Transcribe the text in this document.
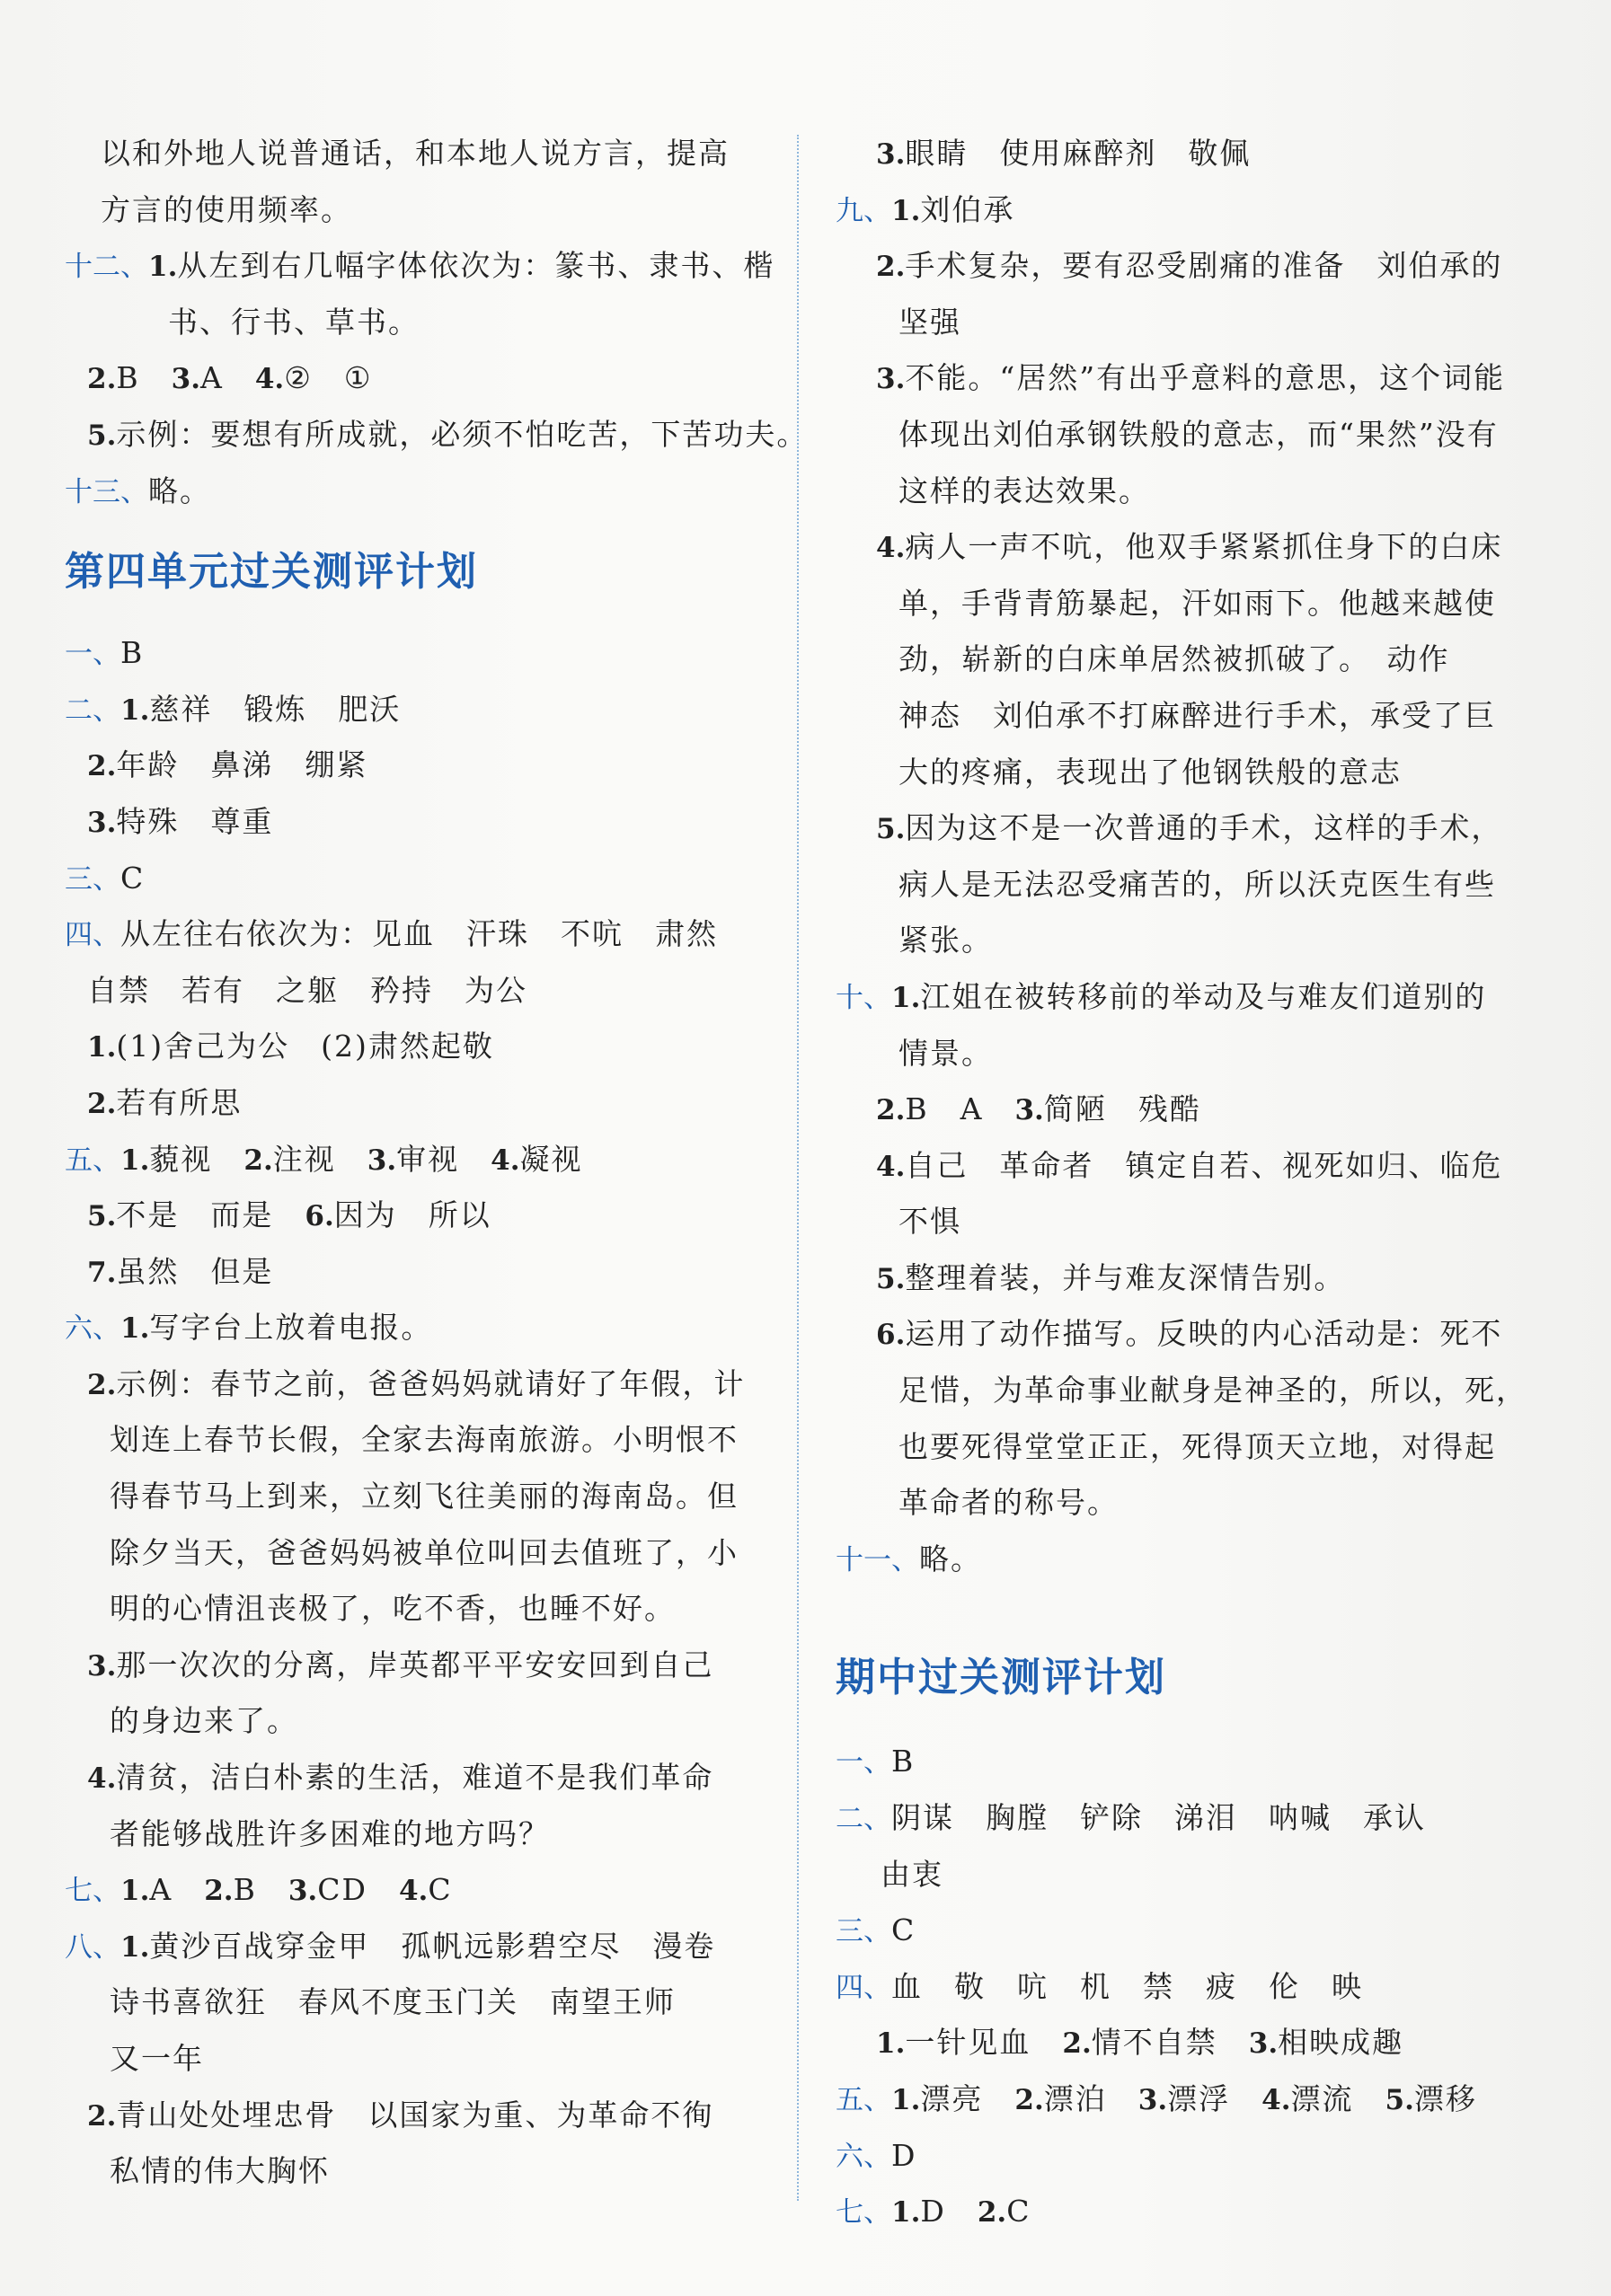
以和外地人说普通话，和本地人说方言，提高
方言的使用频率。
十二、1.从左到右几幅字体依次为：篆书、隶书、楷
书、行书、草书。
2.B　3.A　4.②　①
5.示例：要想有所成就，必须不怕吃苦，下苦功夫。
十三、略。
第四单元过关测评计划
一、B
二、1.慈祥　锻炼　肥沃
2.年龄　鼻涕　绷紧
3.特殊　尊重
三、C
四、从左往右依次为：见血　汗珠　不吭　肃然
自禁　若有　之躯　矜持　为公
1.(1)舍己为公　(2)肃然起敬
2.若有所思
五、1.藐视　2.注视　3.审视　4.凝视
5.不是　而是　6.因为　所以
7.虽然　但是
六、1.写字台上放着电报。
2.示例：春节之前，爸爸妈妈就请好了年假，计
划连上春节长假，全家去海南旅游。小明恨不
得春节马上到来，立刻飞往美丽的海南岛。但
除夕当天，爸爸妈妈被单位叫回去值班了，小
明的心情沮丧极了，吃不香，也睡不好。
3.那一次次的分离，岸英都平平安安回到自己
的身边来了。
4.清贫，洁白朴素的生活，难道不是我们革命
者能够战胜许多困难的地方吗？
七、1.A　2.B　3.CD　4.C
八、1.黄沙百战穿金甲　孤帆远影碧空尽　漫卷
诗书喜欲狂　春风不度玉门关　南望王师
又一年
2.青山处处埋忠骨　以国家为重、为革命不徇
私情的伟大胸怀
3.眼睛　使用麻醉剂　敬佩
九、1.刘伯承
2.手术复杂，要有忍受剧痛的准备　刘伯承的
坚强
3.不能。“居然”有出乎意料的意思，这个词能
体现出刘伯承钢铁般的意志，而“果然”没有
这样的表达效果。
4.病人一声不吭，他双手紧紧抓住身下的白床
单，手背青筋暴起，汗如雨下。他越来越使
劲，崭新的白床单居然被抓破了。　动作
神态　刘伯承不打麻醉进行手术，承受了巨
大的疼痛，表现出了他钢铁般的意志
5.因为这不是一次普通的手术，这样的手术，
病人是无法忍受痛苦的，所以沃克医生有些
紧张。
十、1.江姐在被转移前的举动及与难友们道别的
情景。
2.B　A　3.简陋　残酷
4.自己　革命者　镇定自若、视死如归、临危
不惧
5.整理着装，并与难友深情告别。
6.运用了动作描写。反映的内心活动是：死不
足惜，为革命事业献身是神圣的，所以，死，
也要死得堂堂正正，死得顶天立地，对得起
革命者的称号。
十一、略。
期中过关测评计划
一、B
二、阴谋　胸膛　铲除　涕泪　呐喊　承认
由衷
三、C
四、血　敬　吭　机　禁　疲　伦　映
1.一针见血　2.情不自禁　3.相映成趣
五、1.漂亮　2.漂泊　3.漂浮　4.漂流　5.漂移
六、D
七、1.D　2.C
